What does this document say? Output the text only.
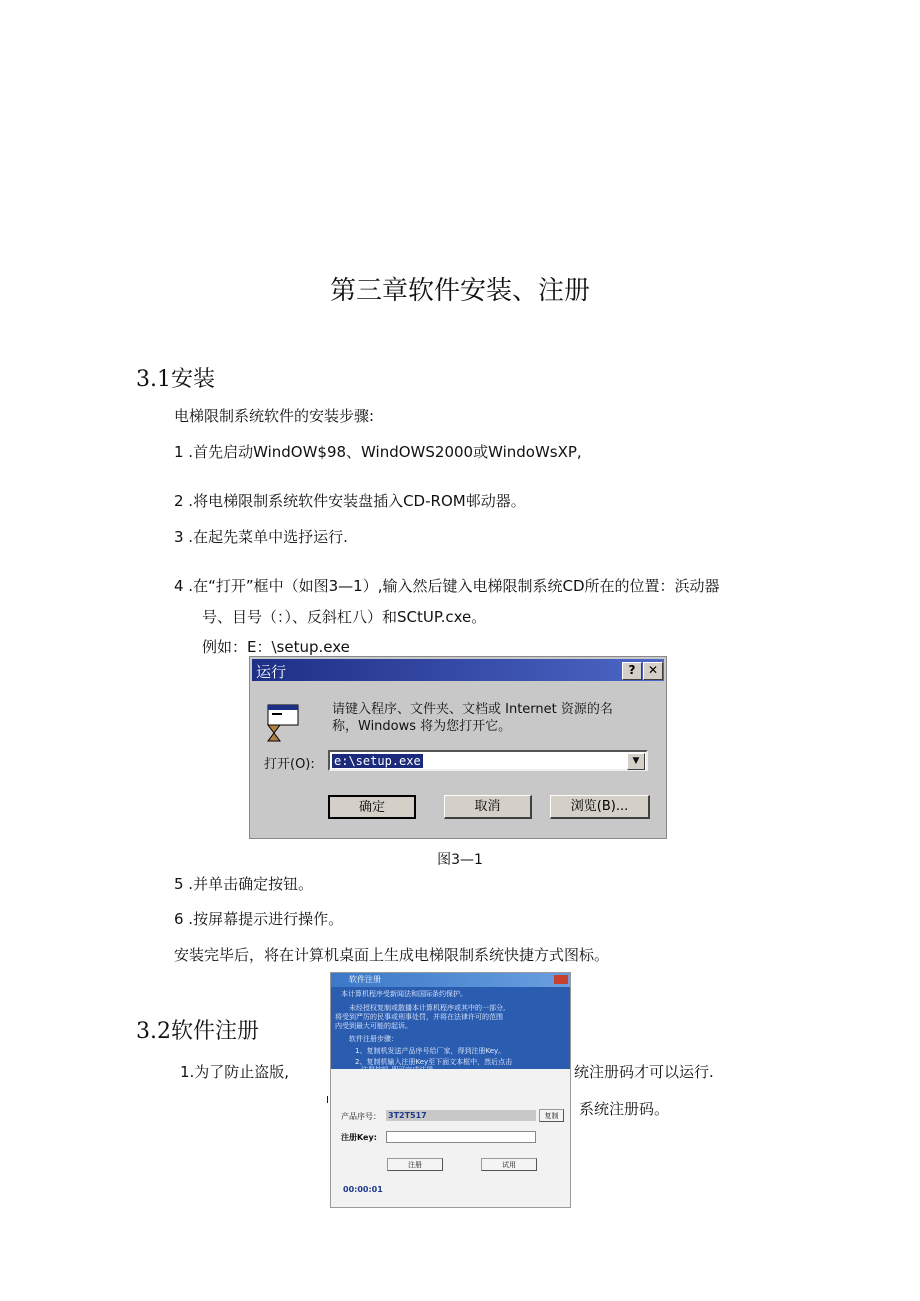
第三章软件安装、注册
3.1安装
电梯限制系统软件的安装步骤:
1 .首先启动WindOW$98、WindOWS2000或WindoWsXP,
2 .将电梯限制系统软件安装盘插入CD-ROM邨动器。
3 .在起先菜单中选抒运行.
4 .在“打开”框中（如图3—1）,输入然后键入电梯限制系统CD所在的位置：浜动器
号、目号（：）、反斜杠八）和SCtUP.cxe。
例如：E：\setup.exe
运行	?	✕
请键入程序、文件夹、文档或 Internet 资源的名
称，Windows 将为您打开它。
打开(O): e:\setup.exe	▼
确定	取消	浏览(B)...
图3—1
5 .并单击确定按钮。
6 .按屏幕提示进行操作。
安装完毕后，将在计算机桌面上生成电梯限制系统快捷方式图标。
3.2软件注册
1.为了防止盗版,	统注册码才可以运行.
I	系统注册码。
软件注册
本计算机程序受新闻法和国际条约保护。
未经授权复制或散播本计算机程序或其中的一部分,
将受到严厉的民事或刑事处罚，并将在法律许可的范围
内受到最大可能的起诉。
软件注册步骤：
1、复制机发送产品序号给厂家，得到注册Key。
2、复制机输入注册Key至下面文本框中，然后点击
注册按钮 即可完成注册。
产品序号： 3T2T517	复制
注册Key:
注册	试用
00:00:01
